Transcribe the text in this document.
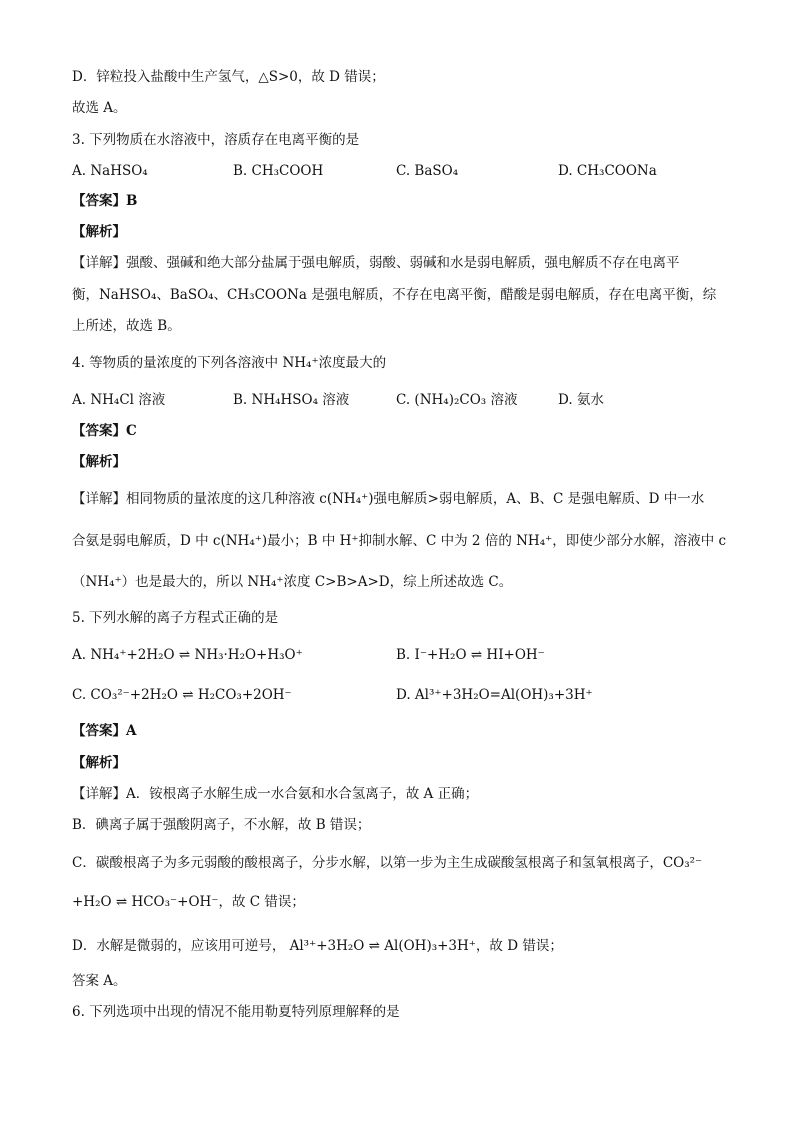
D．锌粒投入盐酸中生产氢气，△S>0，故 D 错误；
故选 A。
3. 下列物质在水溶液中，溶质存在电离平衡的是
A. NaHSO₄	B. CH₃COOH	C. BaSO₄	D. CH₃COONa
【答案】B
【解析】
【详解】强酸、强碱和绝大部分盐属于强电解质，弱酸、弱碱和水是弱电解质，强电解质不存在电离平
衡，NaHSO₄、BaSO₄、CH₃COONa 是强电解质，不存在电离平衡，醋酸是弱电解质，存在电离平衡，综
上所述，故选 B。
4. 等物质的量浓度的下列各溶液中 NH₄⁺浓度最大的
A. NH₄Cl 溶液	B. NH₄HSO₄ 溶液	C. (NH₄)₂CO₃ 溶液	D. 氨水
【答案】C
【解析】
【详解】相同物质的量浓度的这几种溶液 c(NH₄⁺)强电解质>弱电解质，A、B、C 是强电解质、D 中一水
合氨是弱电解质，D 中 c(NH₄⁺)最小；B 中 H⁺抑制水解、C 中为 2 倍的 NH₄⁺，即使少部分水解，溶液中 c
（NH₄⁺）也是最大的，所以 NH₄⁺浓度 C>B>A>D，综上所述故选 C。
5. 下列水解的离子方程式正确的是
A. NH₄⁺+2H₂O ⇌ NH₃·H₂O+H₃O⁺	B. I⁻+H₂O ⇌ HI+OH⁻
C. CO₃²⁻+2H₂O ⇌ H₂CO₃+2OH⁻	D. Al³⁺+3H₂O=Al(OH)₃+3H⁺
【答案】A
【解析】
【详解】A．铵根离子水解生成一水合氨和水合氢离子，故 A 正确；
B．碘离子属于强酸阴离子，不水解，故 B 错误；
C．碳酸根离子为多元弱酸的酸根离子，分步水解，以第一步为主生成碳酸氢根离子和氢氧根离子，CO₃²⁻
+H₂O ⇌ HCO₃⁻+OH⁻，故 C 错误；
D．水解是微弱的，应该用可逆号， Al³⁺+3H₂O ⇌ Al(OH)₃+3H⁺，故 D 错误；
答案 A。
6. 下列选项中出现的情况不能用勒夏特列原理解释的是
